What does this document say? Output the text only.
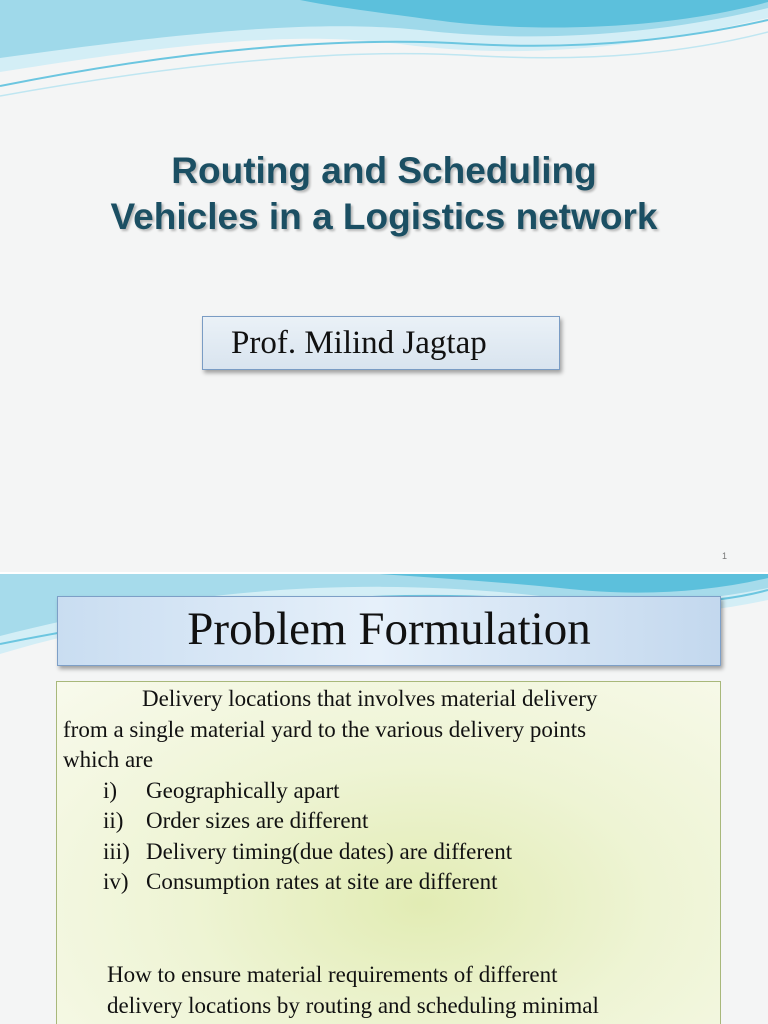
Routing and Scheduling
Vehicles in a Logistics network
Prof. Milind Jagtap
1
Problem Formulation
Delivery locations that involves material delivery
from a single material yard to the various delivery points
which are
i) Geographically apart
ii) Order sizes are different
iii) Delivery timing(due dates) are different
iv) Consumption rates at site are different
How to ensure material requirements of different
delivery locations by routing and scheduling minimal
